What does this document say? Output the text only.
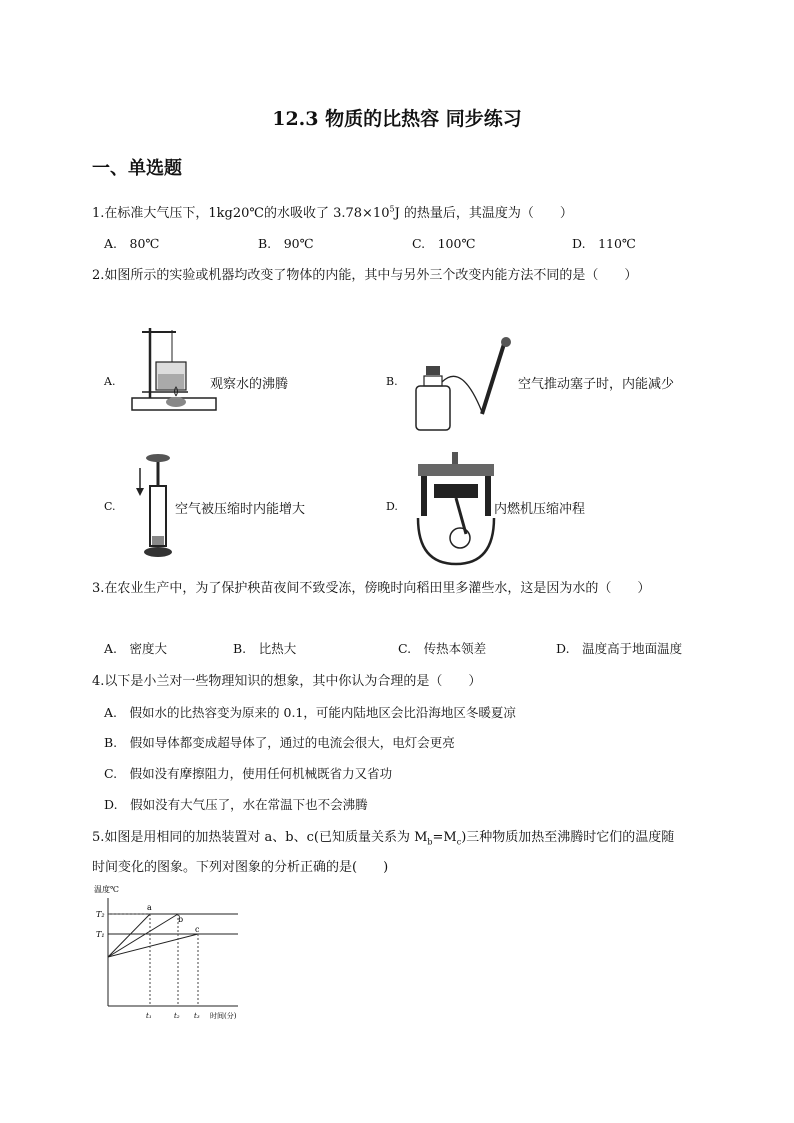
12.3 物质的比热容 同步练习
一、单选题
1.在标准大气压下，1kg20℃的水吸收了 $3.78\times 10^5J$ 的热量后，其温度为（　　）
A.　 80℃	B.　 90℃	C.　 100℃	D.　 110℃
2.如图所示的实验或机器均改变了物体的内能，其中与另外三个改变内能方法不同的是（　　）
A.	观察水的沸腾	B.	空气推动塞子时，内能减少
C.	空气被压缩时内能增大	D.	内燃机压缩冲程
3.在农业生产中，为了保护秧苗夜间不致受冻，傍晚时向稻田里多灌些水，这是因为水的（　　）
A.　 密度大	B.　 比热大	C.　 传热本领差	D.　 温度高于地面温度
4.以下是小兰对一些物理知识的想象，其中你认为合理的是（　　）
A.　 假如水的比热容变为原来的 0.1，可能内陆地区会比沿海地区冬暖夏凉
B.　 假如导体都变成超导体了，通过的电流会很大，电灯会更亮
C.　 假如没有摩擦阻力，使用任何机械既省力又省功
D.　 假如没有大气压了，水在常温下也不会沸腾
5.如图是用相同的加热装置对 a、b、c(已知质量关系为 $M_b=M_c$)三种物质加热至沸腾时它们的温度随
时间变化的图象。下列对图象的分析正确的是(　　)
温度℃
T₂
T₁
a
b
c
t₁	t₂ t₃ 时间(分)
